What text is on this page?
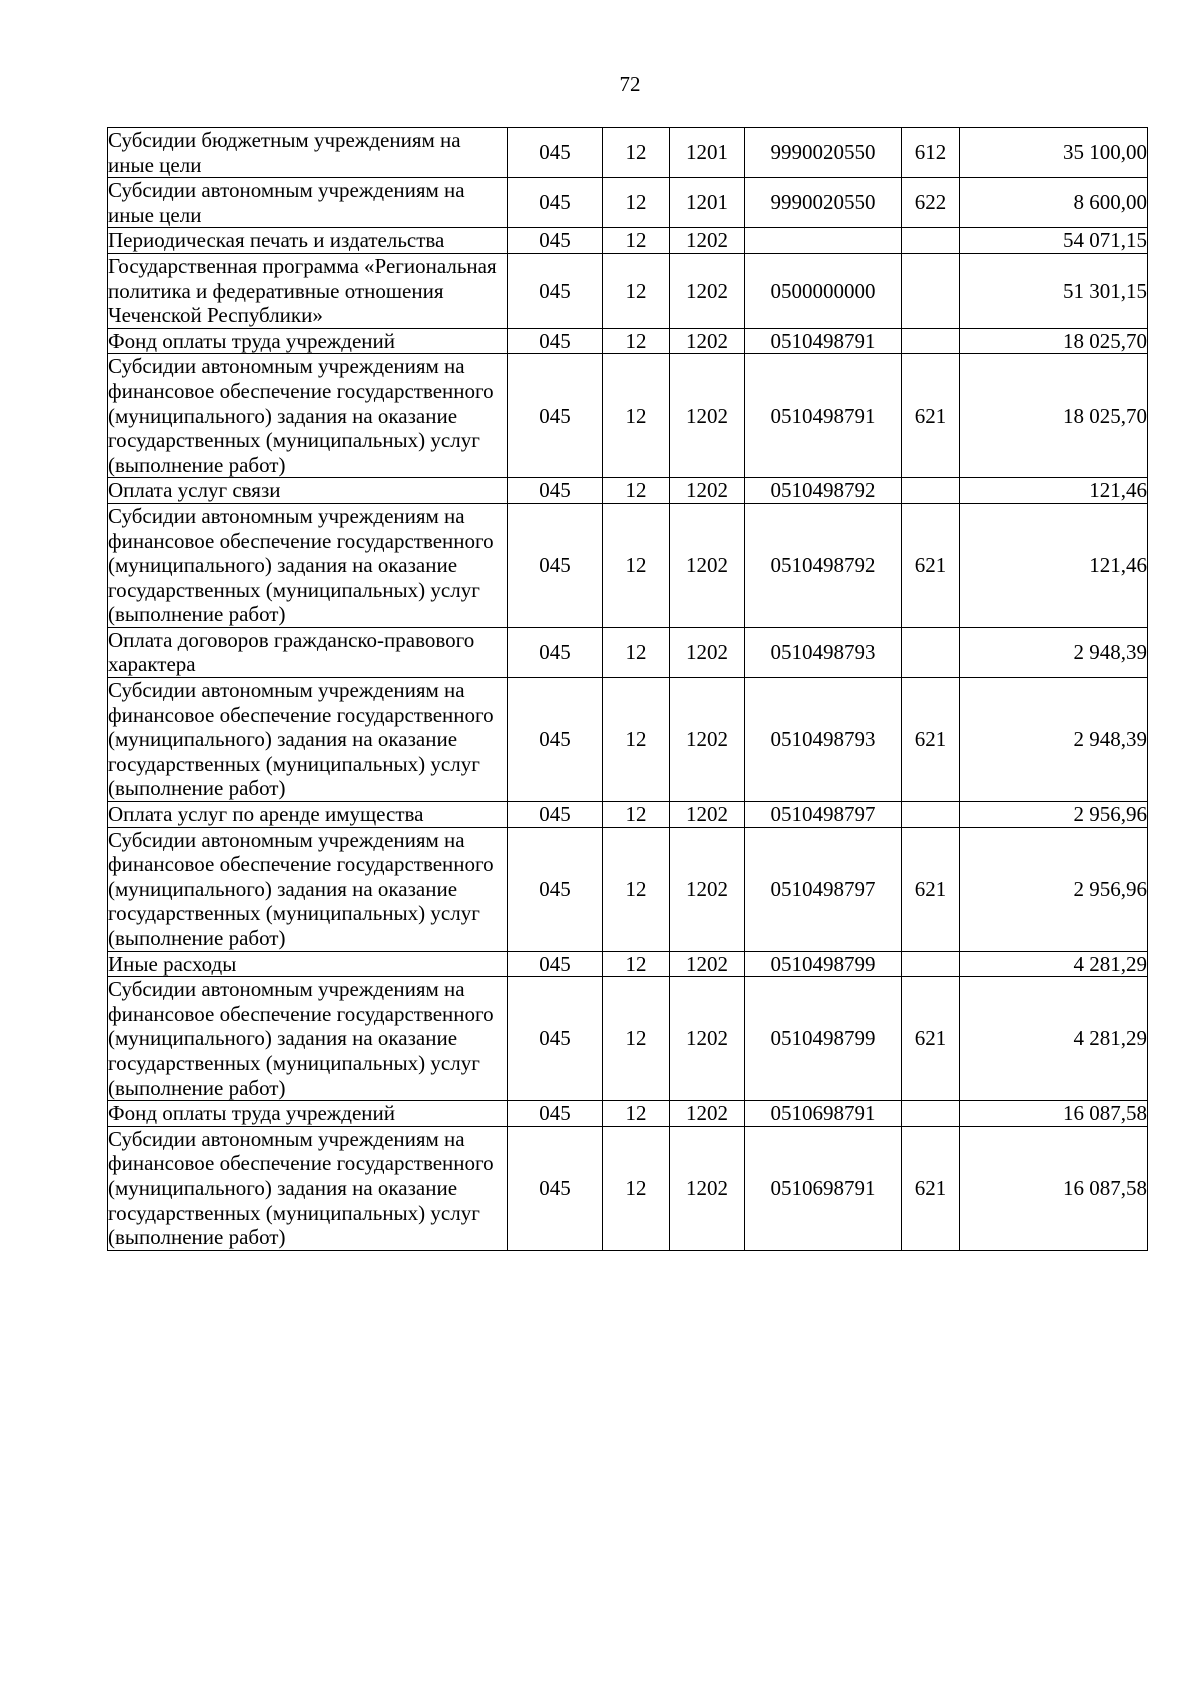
72
Субсидии бюджетным учреждениям на иные цели	045	12	1201	9990020550	612	35 100,00
Субсидии автономным учреждениям на иные цели	045	12	1201	9990020550	622	8 600,00
Периодическая печать и издательства	045	12	1202			54 071,15
Государственная программа «Региональная политика и федеративные отношения Чеченской Республики»	045	12	1202	0500000000		51 301,15
Фонд оплаты труда учреждений	045	12	1202	0510498791		18 025,70
Субсидии автономным учреждениям на финансовое обеспечение государственного (муниципального) задания на оказание государственных (муниципальных) услуг (выполнение работ)	045	12	1202	0510498791	621	18 025,70
Оплата услуг связи	045	12	1202	0510498792		121,46
Субсидии автономным учреждениям на финансовое обеспечение государственного (муниципального) задания на оказание государственных (муниципальных) услуг (выполнение работ)	045	12	1202	0510498792	621	121,46
Оплата договоров гражданско-правового характера	045	12	1202	0510498793		2 948,39
Субсидии автономным учреждениям на финансовое обеспечение государственного (муниципального) задания на оказание государственных (муниципальных) услуг (выполнение работ)	045	12	1202	0510498793	621	2 948,39
Оплата услуг по аренде имущества	045	12	1202	0510498797		2 956,96
Субсидии автономным учреждениям на финансовое обеспечение государственного (муниципального) задания на оказание государственных (муниципальных) услуг (выполнение работ)	045	12	1202	0510498797	621	2 956,96
Иные расходы	045	12	1202	0510498799		4 281,29
Субсидии автономным учреждениям на финансовое обеспечение государственного (муниципального) задания на оказание государственных (муниципальных) услуг (выполнение работ)	045	12	1202	0510498799	621	4 281,29
Фонд оплаты труда учреждений	045	12	1202	0510698791		16 087,58
Субсидии автономным учреждениям на финансовое обеспечение государственного (муниципального) задания на оказание государственных (муниципальных) услуг (выполнение работ)	045	12	1202	0510698791	621	16 087,58
